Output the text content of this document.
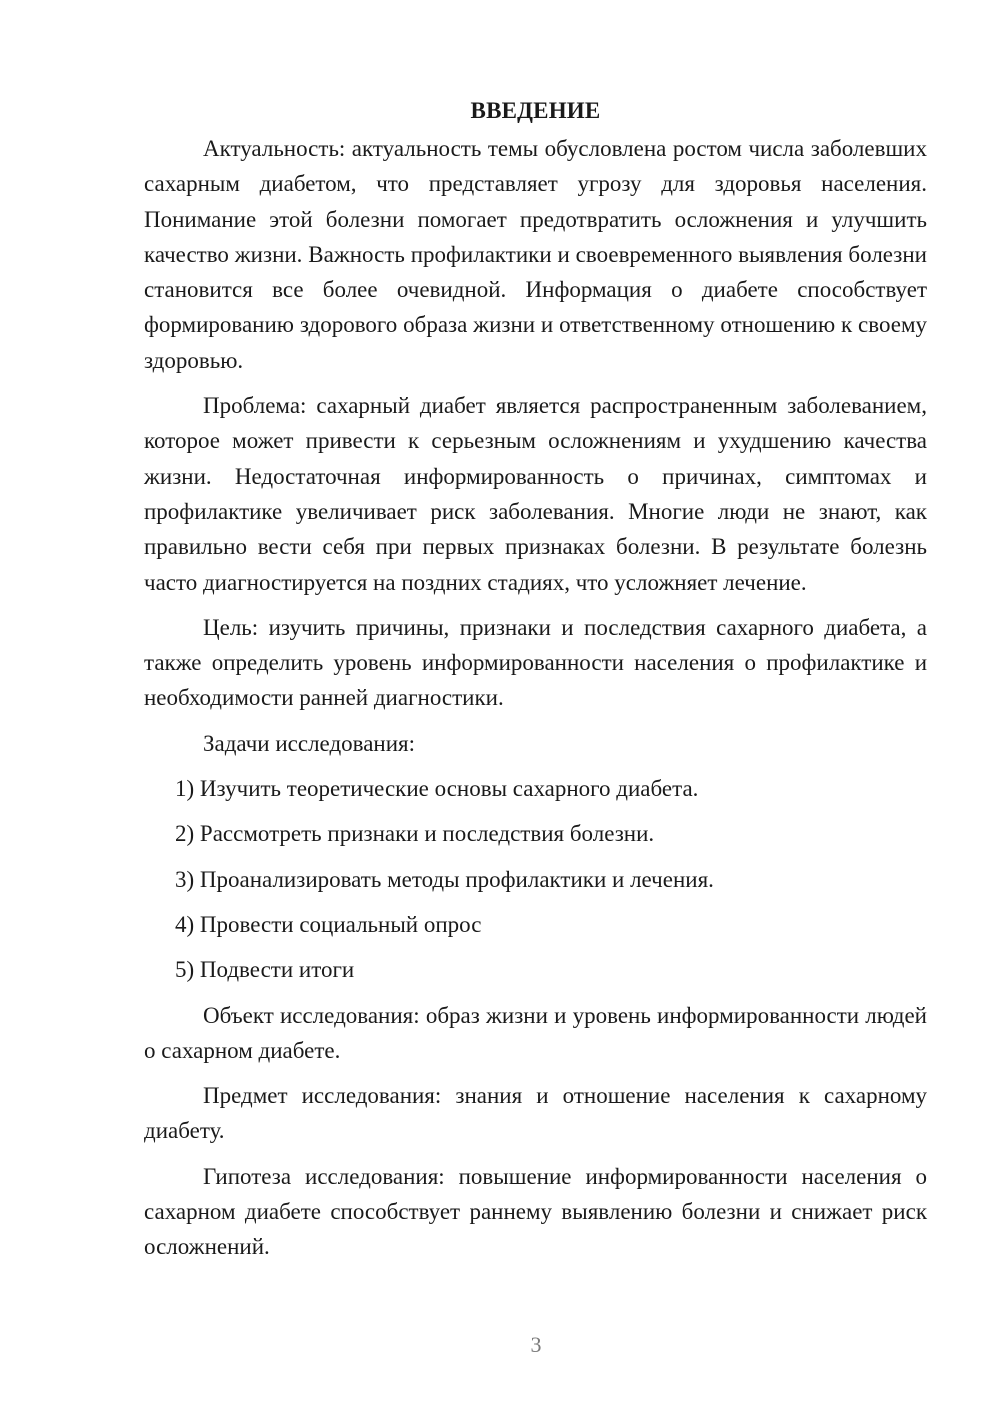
ВВЕДЕНИЕ

Актуальность: актуальность темы обусловлена ростом числа заболевших сахарным диабетом, что представляет угрозу для здоровья населения. Понимание этой болезни помогает предотвратить осложнения и улучшить качество жизни. Важность профилактики и своевременного выявления болезни становится все более очевидной. Информация о диабете способствует формированию здорового образа жизни и ответственному отношению к своему здоровью.

Проблема: сахарный диабет является распространенным заболеванием, которое может привести к серьезным осложнениям и ухудшению качества жизни. Недостаточная информированность о причинах, симптомах и профилактике увеличивает риск заболевания. Многие люди не знают, как правильно вести себя при первых признаках болезни. В результате болезнь часто диагностируется на поздних стадиях, что усложняет лечение.

Цель: изучить причины, признаки и последствия сахарного диабета, а также определить уровень информированности населения о профилактике и необходимости ранней диагностики.

Задачи исследования:

1) Изучить теоретические основы сахарного диабета.
2) Рассмотреть признаки и последствия болезни.
3) Проанализировать методы профилактики и лечения.
4) Провести социальный опрос
5) Подвести итоги

Объект исследования: образ жизни и уровень информированности людей о сахарном диабете.

Предмет исследования: знания и отношение населения к сахарному диабету.

Гипотеза исследования: повышение информированности населения о сахарном диабете способствует раннему выявлению болезни и снижает риск осложнений.

3
